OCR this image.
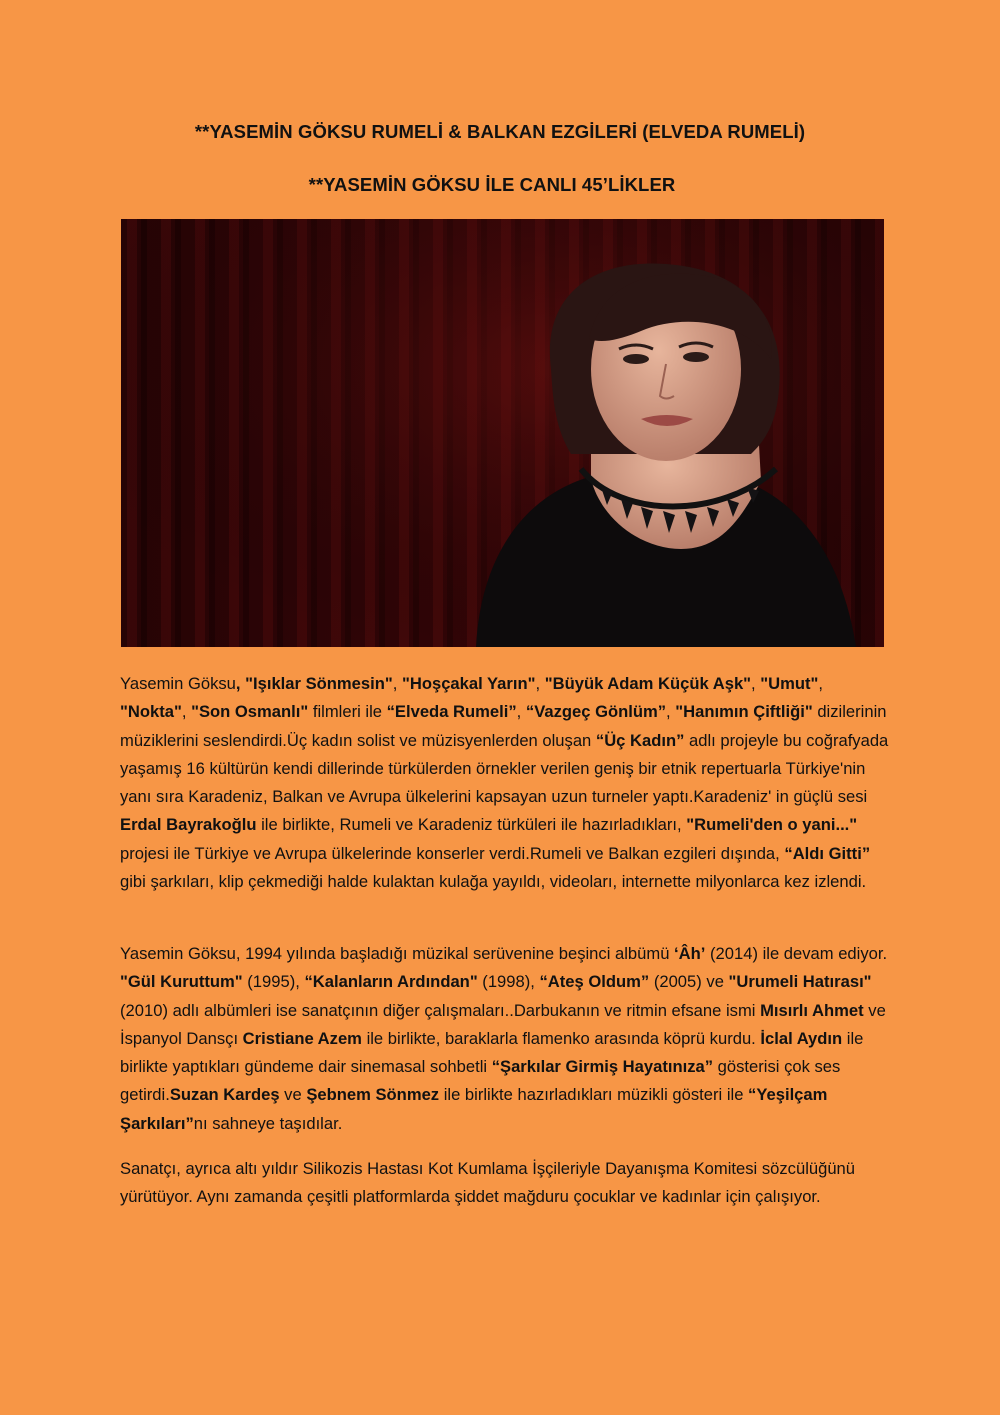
**YASEMİN GÖKSU RUMELİ & BALKAN EZGİLERİ (ELVEDA RUMELİ)
**YASEMİN GÖKSU İLE CANLI 45’LİKLER
Yasemin Göksu, "Işıklar Sönmesin", "Hoşçakal Yarın", "Büyük Adam Küçük Aşk", "Umut", "Nokta", "Son Osmanlı" filmleri ile “Elveda Rumeli”, “Vazgeç Gönlüm”, "Hanımın Çiftliği" dizilerinin müziklerini seslendirdi.Üç kadın solist ve müzisyenlerden oluşan “Üç Kadın” adlı projeyle bu coğrafyada yaşamış 16 kültürün kendi dillerinde türkülerden örnekler verilen geniş bir etnik repertuarla Türkiye'nin yanı sıra Karadeniz, Balkan ve Avrupa ülkelerini kapsayan uzun turneler yaptı.Karadeniz' in güçlü sesi Erdal Bayrakoğlu ile birlikte, Rumeli ve Karadeniz türküleri ile hazırladıkları, "Rumeli'den o yani..." projesi ile Türkiye ve Avrupa ülkelerinde konserler verdi.Rumeli ve Balkan ezgileri dışında, “Aldı Gitti” gibi şarkıları, klip çekmediği halde kulaktan kulağa yayıldı, videoları, internette milyonlarca kez izlendi.
Yasemin Göksu, 1994 yılında başladığı müzikal serüvenine beşinci albümü ‘Âh’ (2014) ile devam ediyor. "Gül Kuruttum" (1995), “Kalanların Ardından" (1998), “Ateş Oldum” (2005) ve "Urumeli Hatırası" (2010) adlı albümleri ise sanatçının diğer çalışmaları..Darbukanın ve ritmin efsane ismi Mısırlı Ahmet ve İspanyol Dansçı Cristiane Azem ile birlikte, baraklarla flamenko arasında köprü kurdu. İclal Aydın ile birlikte yaptıkları gündeme dair sinemasal sohbetli “Şarkılar Girmiş Hayatınıza” gösterisi çok ses getirdi.Suzan Kardeş ve Şebnem Sönmez ile birlikte hazırladıkları müzikli gösteri ile “Yeşilçam Şarkıları”nı sahneye taşıdılar.
Sanatçı, ayrıca altı yıldır Silikozis Hastası Kot Kumlama İşçileriyle Dayanışma Komitesi sözcülüğünü yürütüyor. Aynı zamanda çeşitli platformlarda şiddet mağduru çocuklar ve kadınlar için çalışıyor.
